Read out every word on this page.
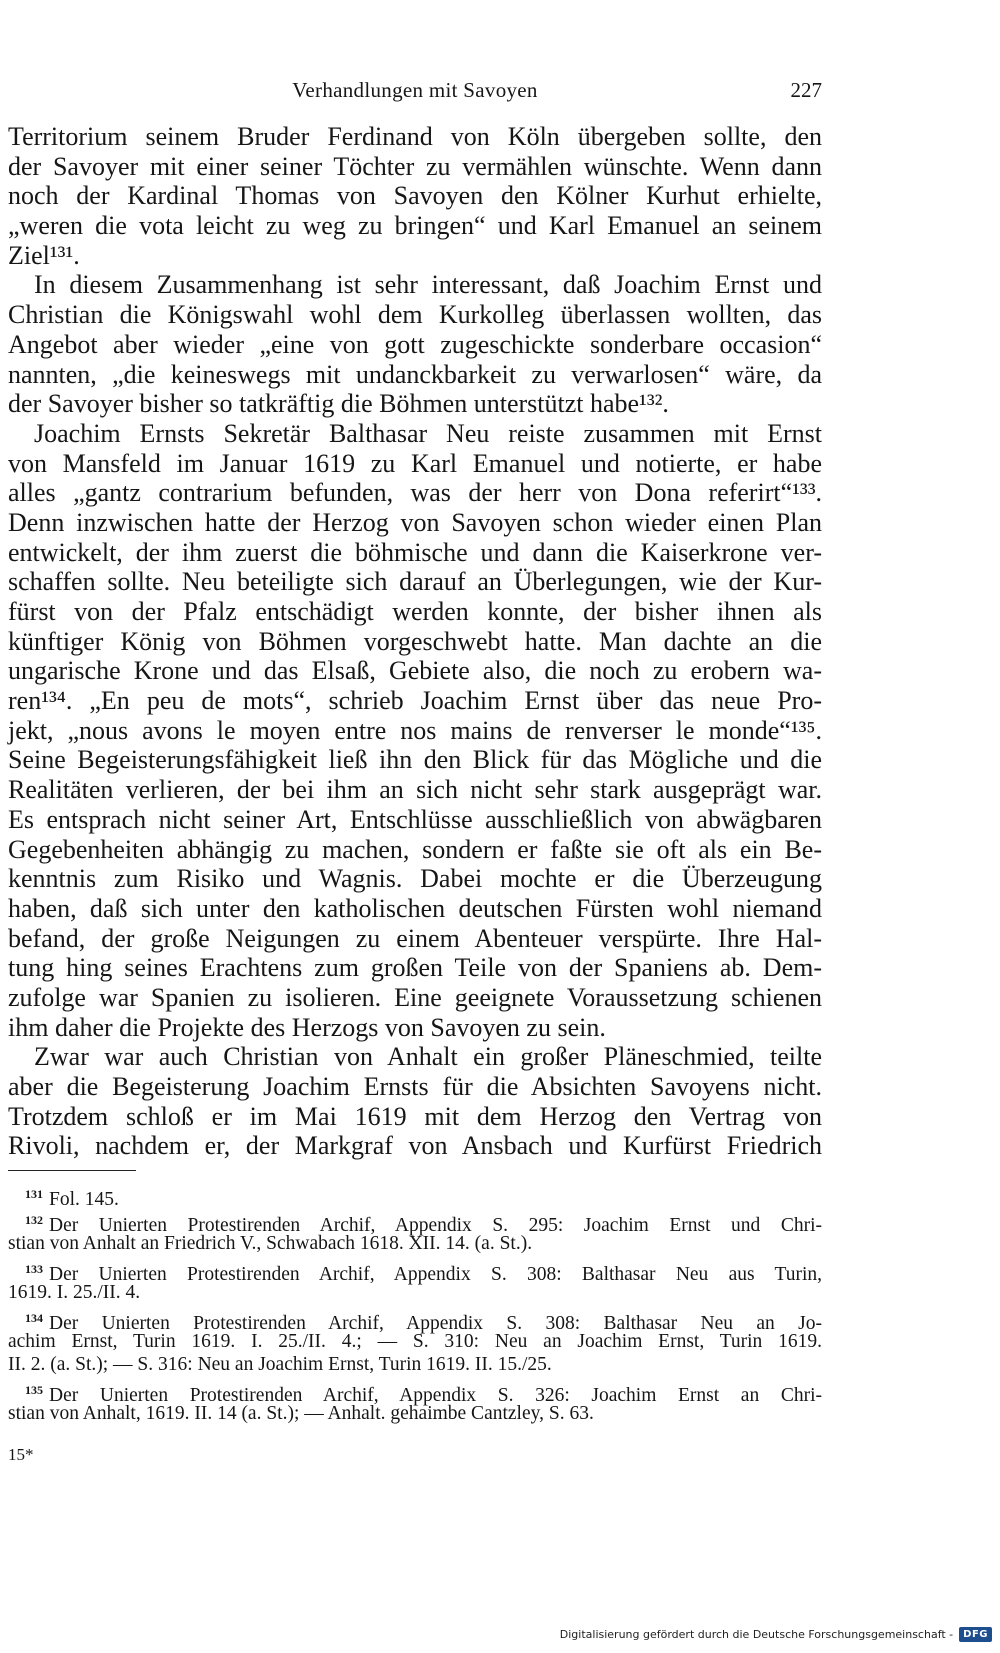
Verhandlungen mit Savoyen	227
Territorium seinem Bruder Ferdinand von Köln übergeben sollte, den
der Savoyer mit einer seiner Töchter zu vermählen wünschte. Wenn dann
noch der Kardinal Thomas von Savoyen den Kölner Kurhut erhielte,
„weren die vota leicht zu weg zu bringen“ und Karl Emanuel an seinem
Ziel¹³¹.
In diesem Zusammenhang ist sehr interessant, daß Joachim Ernst und
Christian die Königswahl wohl dem Kurkolleg überlassen wollten, das
Angebot aber wieder „eine von gott zugeschickte sonderbare occasion“
nannten, „die keineswegs mit undanckbarkeit zu verwarlosen“ wäre, da
der Savoyer bisher so tatkräftig die Böhmen unterstützt habe¹³².
Joachim Ernsts Sekretär Balthasar Neu reiste zusammen mit Ernst
von Mansfeld im Januar 1619 zu Karl Emanuel und notierte, er habe
alles „gantz contrarium befunden, was der herr von Dona referirt“¹³³.
Denn inzwischen hatte der Herzog von Savoyen schon wieder einen Plan
entwickelt, der ihm zuerst die böhmische und dann die Kaiserkrone ver-
schaffen sollte. Neu beteiligte sich darauf an Überlegungen, wie der Kur-
fürst von der Pfalz entschädigt werden konnte, der bisher ihnen als
künftiger König von Böhmen vorgeschwebt hatte. Man dachte an die
ungarische Krone und das Elsaß, Gebiete also, die noch zu erobern wa-
ren¹³⁴. „En peu de mots“, schrieb Joachim Ernst über das neue Pro-
jekt, „nous avons le moyen entre nos mains de renverser le monde“¹³⁵.
Seine Begeisterungsfähigkeit ließ ihn den Blick für das Mögliche und die
Realitäten verlieren, der bei ihm an sich nicht sehr stark ausgeprägt war.
Es entsprach nicht seiner Art, Entschlüsse ausschließlich von abwägbaren
Gegebenheiten abhängig zu machen, sondern er faßte sie oft als ein Be-
kenntnis zum Risiko und Wagnis. Dabei mochte er die Überzeugung
haben, daß sich unter den katholischen deutschen Fürsten wohl niemand
befand, der große Neigungen zu einem Abenteuer verspürte. Ihre Hal-
tung hing seines Erachtens zum großen Teile von der Spaniens ab. Dem-
zufolge war Spanien zu isolieren. Eine geeignete Voraussetzung schienen
ihm daher die Projekte des Herzogs von Savoyen zu sein.
Zwar war auch Christian von Anhalt ein großer Pläneschmied, teilte
aber die Begeisterung Joachim Ernsts für die Absichten Savoyens nicht.
Trotzdem schloß er im Mai 1619 mit dem Herzog den Vertrag von
Rivoli, nachdem er, der Markgraf von Ansbach und Kurfürst Friedrich
$^{131}$ Fol. 145.
$^{132}$ Der Unierten Protestirenden Archif, Appendix S. 295: Joachim Ernst und Chri-
stian von Anhalt an Friedrich V., Schwabach 1618. XII. 14. (a. St.).
$^{133}$ Der Unierten Protestirenden Archif, Appendix S. 308: Balthasar Neu aus Turin,
1619. I. 25./II. 4.
$^{134}$ Der Unierten Protestirenden Archif, Appendix S. 308: Balthasar Neu an Jo-
achim Ernst, Turin 1619. I. 25./II. 4.; — S. 310: Neu an Joachim Ernst, Turin 1619.
II. 2. (a. St.); — S. 316: Neu an Joachim Ernst, Turin 1619. II. 15./25.
$^{135}$ Der Unierten Protestirenden Archif, Appendix S. 326: Joachim Ernst an Chri-
stian von Anhalt, 1619. II. 14 (a. St.); — Anhalt. gehaimbe Cantzley, S. 63.
15*
Digitalisierung gefördert durch die Deutsche Forschungsgemeinschaft -	DFG
